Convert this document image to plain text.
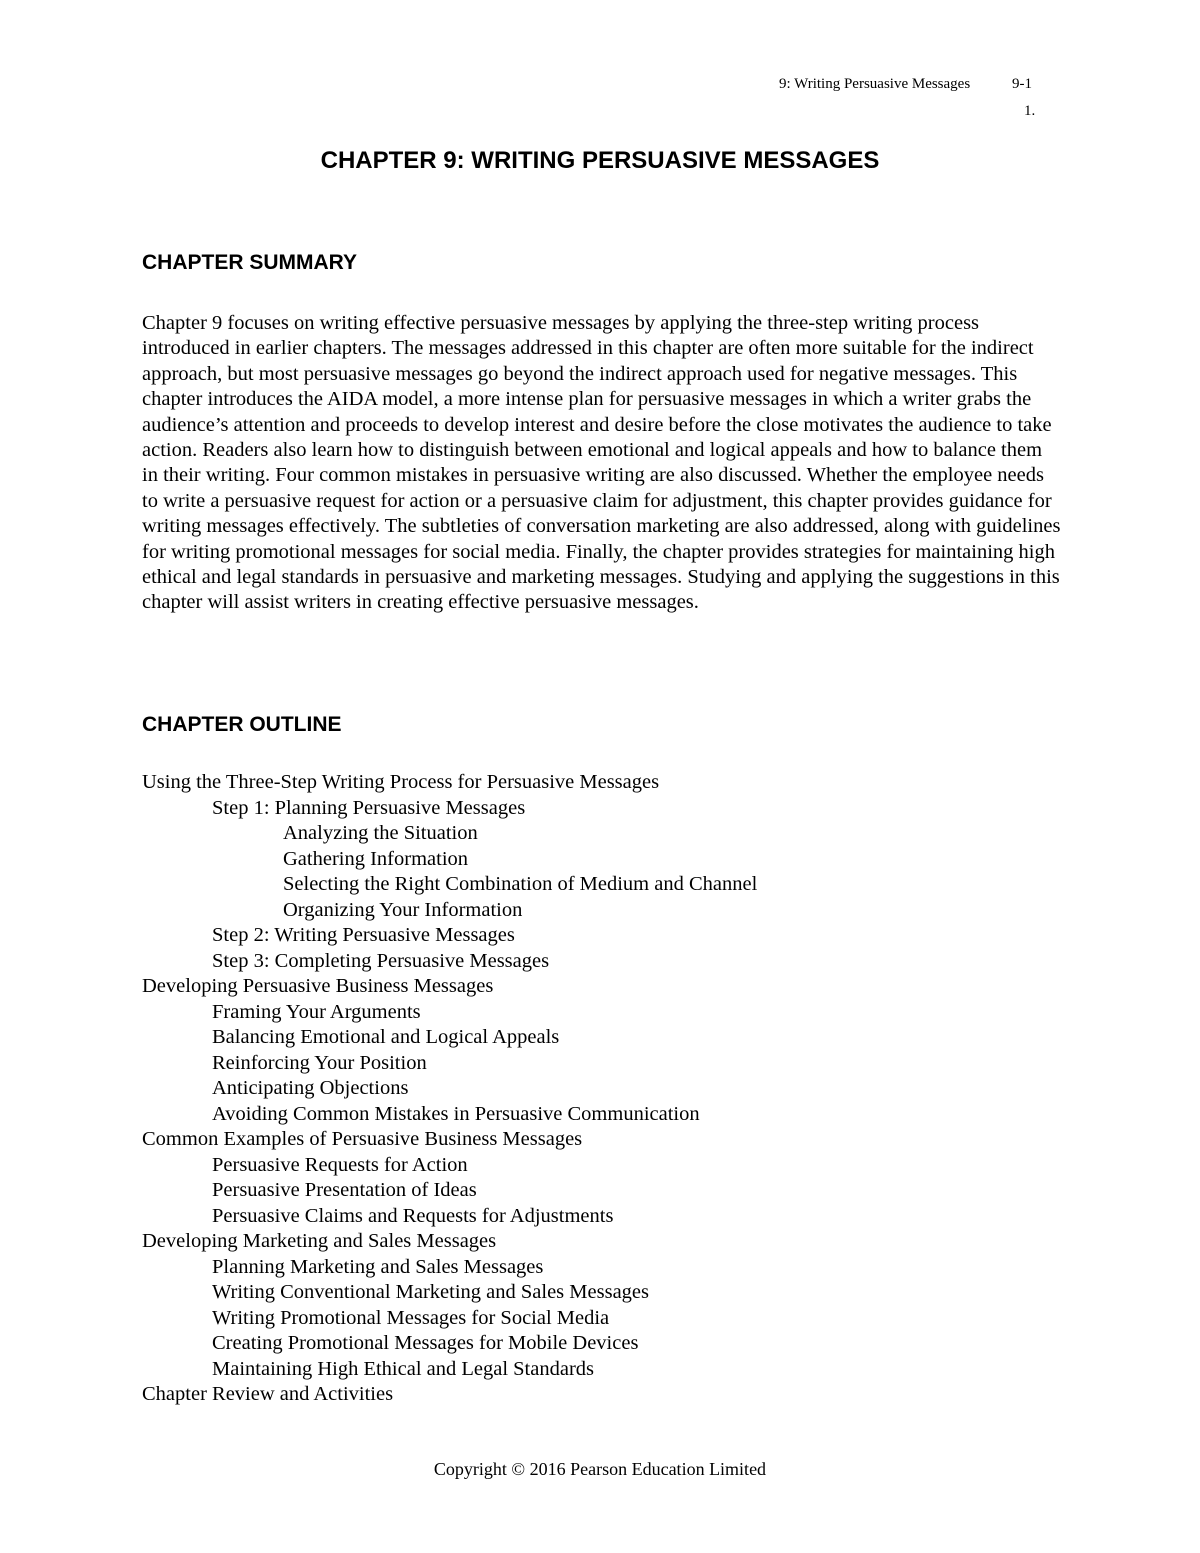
9: Writing Persuasive Messages	9-1
1.
CHAPTER 9: WRITING PERSUASIVE MESSAGES
CHAPTER SUMMARY

Chapter 9 focuses on writing effective persuasive messages by applying the three-step writing process introduced in earlier chapters. The messages addressed in this chapter are often more suitable for the indirect approach, but most persuasive messages go beyond the indirect approach used for negative messages. This chapter introduces the AIDA model, a more intense plan for persuasive messages in which a writer grabs the audience’s attention and proceeds to develop interest and desire before the close motivates the audience to take action. Readers also learn how to distinguish between emotional and logical appeals and how to balance them in their writing. Four common mistakes in persuasive writing are also discussed. Whether the employee needs to write a persuasive request for action or a persuasive claim for adjustment, this chapter provides guidance for writing messages effectively. The subtleties of conversation marketing are also addressed, along with guidelines for writing promotional messages for social media. Finally, the chapter provides strategies for maintaining high ethical and legal standards in persuasive and marketing messages. Studying and applying the suggestions in this chapter will assist writers in creating effective persuasive messages.

CHAPTER OUTLINE
Using the Three-Step Writing Process for Persuasive Messages
Step 1: Planning Persuasive Messages
Analyzing the Situation
Gathering Information
Selecting the Right Combination of Medium and Channel
Organizing Your Information
Step 2: Writing Persuasive Messages
Step 3: Completing Persuasive Messages
Developing Persuasive Business Messages
Framing Your Arguments
Balancing Emotional and Logical Appeals
Reinforcing Your Position
Anticipating Objections
Avoiding Common Mistakes in Persuasive Communication
Common Examples of Persuasive Business Messages
Persuasive Requests for Action
Persuasive Presentation of Ideas
Persuasive Claims and Requests for Adjustments
Developing Marketing and Sales Messages
Planning Marketing and Sales Messages
Writing Conventional Marketing and Sales Messages
Writing Promotional Messages for Social Media
Creating Promotional Messages for Mobile Devices
Maintaining High Ethical and Legal Standards
Chapter Review and Activities
Copyright © 2016 Pearson Education Limited
